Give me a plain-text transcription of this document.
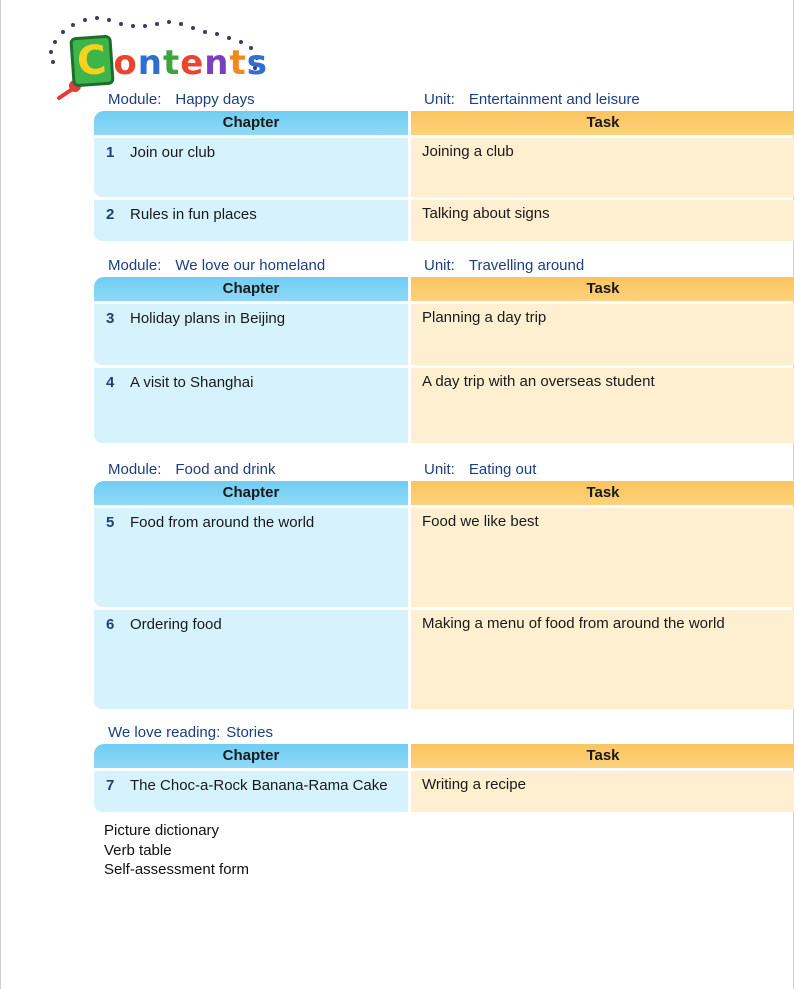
C ontents
Module: Happy days	Unit: Entertainment and leisure
Chapter	Task
1 Join our club	Joining a club
2 Rules in fun places	Talking about signs
Module: We love our homeland	Unit: Travelling around
Chapter	Task
3 Holiday plans in Beijing	Planning a day trip
4 A visit to Shanghai	A day trip with an overseas student
Module: Food and drink	Unit: Eating out
Chapter	Task
5 Food from around the world	Food we like best
6 Ordering food	Making a menu of food from around the world
We love reading: Stories
Chapter	Task
7 The Choc-a-Rock Banana-Rama Cake	Writing a recipe
Picture dictionary
Verb table
Self-assessment form
